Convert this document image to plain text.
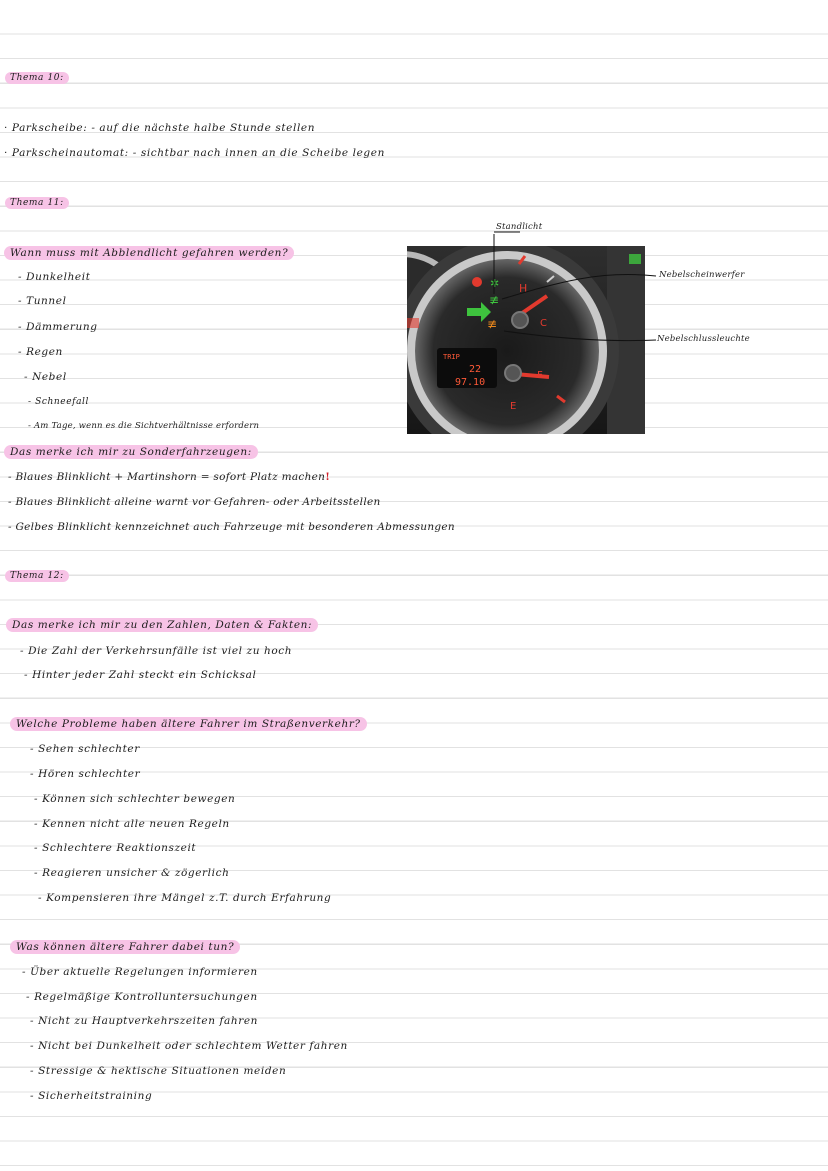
Thema 10:
· Parkscheibe: - auf die nächste halbe Stunde stellen
· Parkscheinautomat: - sichtbar nach innen an die Scheibe legen
Thema 11:
Wann muss mit Abblendlicht gefahren werden?
- Dunkelheit
- Tunnel
- Dämmerung
- Regen
- Nebel
- Schneefall
- Am Tage, wenn es die Sichtverhältnisse erfordern
Das merke ich mir zu Sonderfahrzeugen:
- Blaues Blinklicht + Martinshorn = sofort Platz machen!
- Blaues Blinklicht alleine warnt vor Gefahren- oder Arbeitsstellen
- Gelbes Blinklicht kennzeichnet auch Fahrzeuge mit besonderen Abmessungen
✲
≢
≢
H
C
F
E
TRIP
22
97.10
Standlicht
Nebelscheinwerfer
Nebelschlussleuchte
Thema 12:
Das merke ich mir zu den Zahlen, Daten & Fakten:
- Die Zahl der Verkehrsunfälle ist viel zu hoch
- Hinter jeder Zahl steckt ein Schicksal
Welche Probleme haben ältere Fahrer im Straßenverkehr?
- Sehen schlechter
- Hören schlechter
- Können sich schlechter bewegen
- Kennen nicht alle neuen Regeln
- Schlechtere Reaktionszeit
- Reagieren unsicher & zögerlich
- Kompensieren ihre Mängel z.T. durch Erfahrung
Was können ältere Fahrer dabei tun?
- Über aktuelle Regelungen informieren
- Regelmäßige Kontrolluntersuchungen
- Nicht zu Hauptverkehrszeiten fahren
- Nicht bei Dunkelheit oder schlechtem Wetter fahren
- Stressige & hektische Situationen meiden
- Sicherheitstraining
